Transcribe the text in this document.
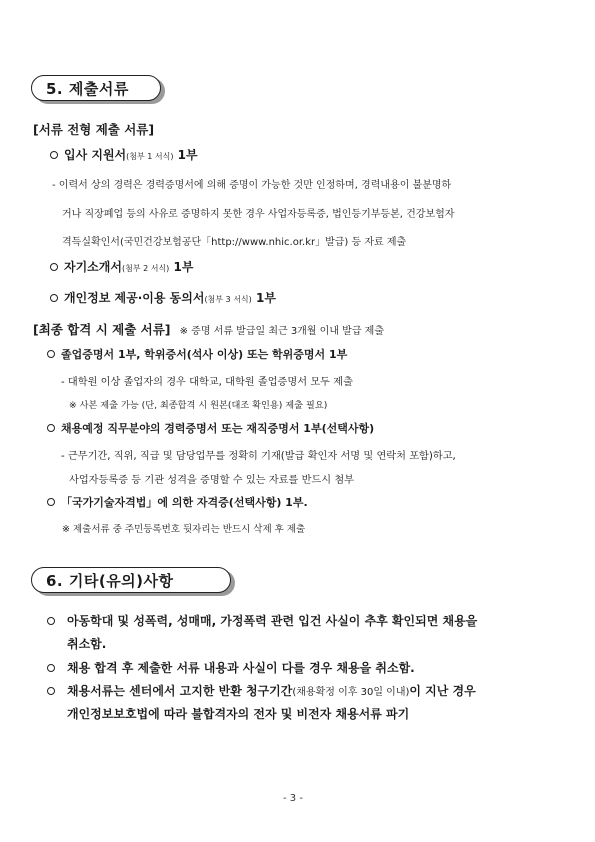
5. 제출서류
[서류 전형 제출 서류]
입사 지원서(첨부 1 서식) 1부
- 이력서 상의 경력은 경력증명서에 의해 증명이 가능한 것만 인정하며, 경력내용이 불분명하
거나 직장폐업 등의 사유로 증명하지 못한 경우 사업자등록증, 법인등기부등본, 건강보험자
격득실확인서(국민건강보험공단「http://www.nhic.or.kr」발급) 등 자료 제출
자기소개서(첨부 2 서식) 1부
개인정보 제공·이용 동의서(첨부 3 서식) 1부
[최종 합격 시 제출 서류] ※ 증명 서류 발급일 최근 3개월 이내 발급 제출
졸업증명서 1부, 학위증서(석사 이상) 또는 학위증명서 1부
- 대학원 이상 졸업자의 경우 대학교, 대학원 졸업증명서 모두 제출
※ 사본 제출 가능 (단, 최종합격 시 원본(대조 확인용) 제출 필요)
채용예정 직무분야의 경력증명서 또는 재직증명서 1부(선택사항)
- 근무기간, 직위, 직급 및 담당업무를 정확히 기재(발급 확인자 서명 및 연락처 포함)하고,
사업자등록증 등 기관 성격을 증명할 수 있는 자료를 반드시 첨부
「국가기술자격법」에 의한 자격증(선택사항) 1부.
※ 제출서류 중 주민등록번호 뒷자리는 반드시 삭제 후 제출
6. 기타(유의)사항
아동학대 및 성폭력, 성매매, 가정폭력 관련 입건 사실이 추후 확인되면 채용을
취소함.
채용 합격 후 제출한 서류 내용과 사실이 다를 경우 채용을 취소함.
채용서류는 센터에서 고지한 반환 청구기간(채용확정 이후 30일 이내)이 지난 경우
개인정보보호법에 따라 불합격자의 전자 및 비전자 채용서류 파기
- 3 -
